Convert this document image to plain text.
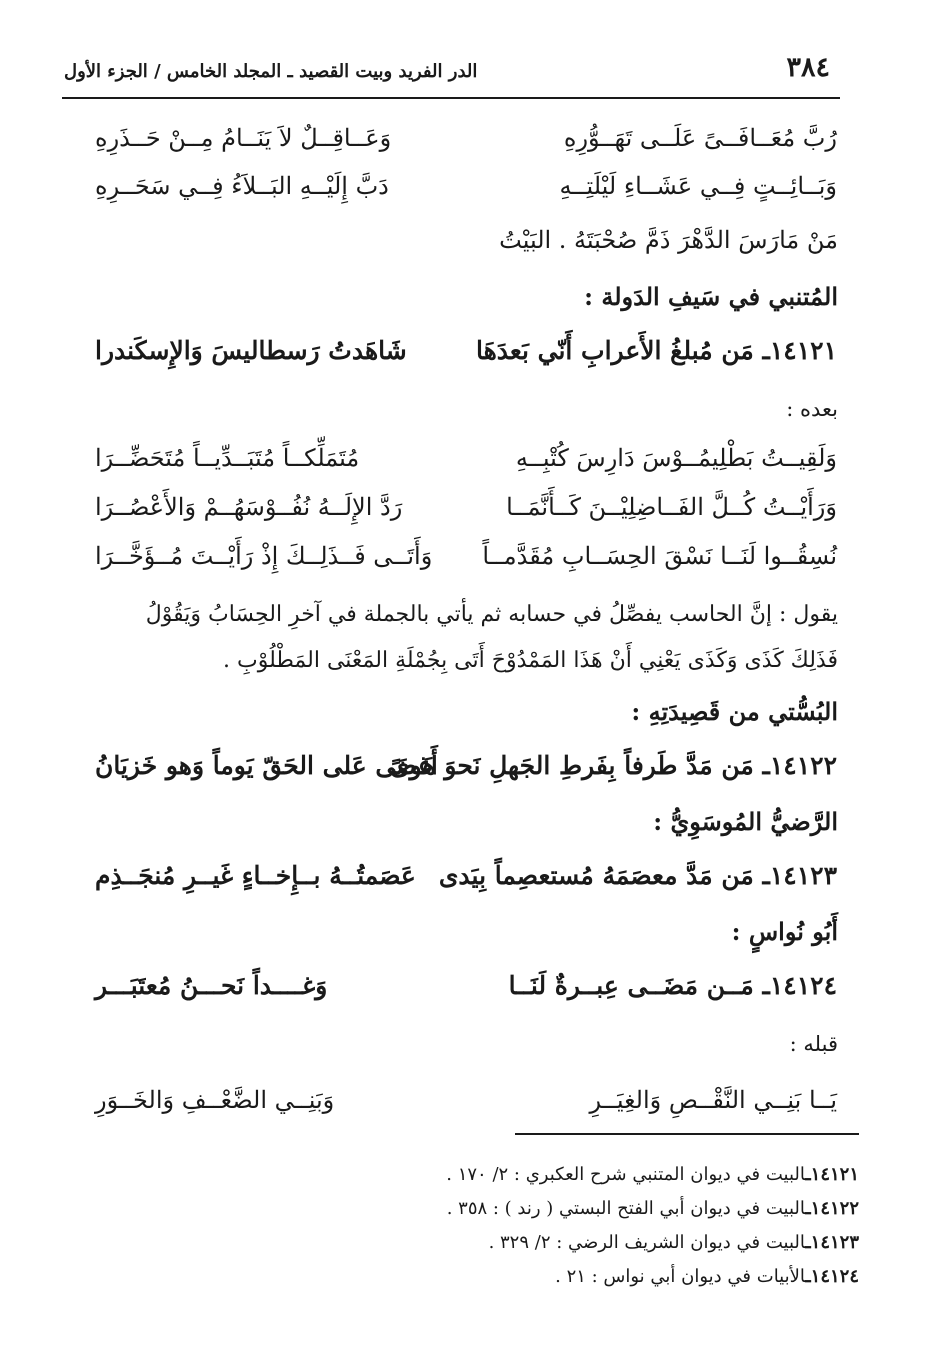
٣٨٤
الدر الفريد وبيت القصيد ـ المجلد الخامس / الجزء الأول
رُبَّ مُعَــافَــىً عَلَــى تَهَــوُّرِهِ
وَعَــاقِــلٌ لاَ يَنَــامُ مِــنْ حَــذَرِهِ
وَبَــائِــتٍ فِــي عَشَــاءِ لَيْلَتِــهِ
دَبَّ إِلَيْــهِ البَــلاَءُ فِــي سَحَــرِهِ
مَنْ مَارَسَ الدَّهْرَ ذَمَّ صُحْبَتَهُ . البَيْتُ
المُتنبي في سَيفِ الدَولة :
١٤١٢١ـ مَن مُبلغُ الأَعرابِ أَنّي بَعدَهَا
شَاهَدتُ رَسطاليسَ وَالإِسكَندرا
بعده :
وَلَقِيــتُ بَطْلِيمُــوْسَ دَارِسَ كُتْبِــهِ
مُتَمَلِّكــاً مُتَبَــدِّيــاً مُتَحَضِّــرَا
وَرَأَيْــتُ كُــلَّ الفَــاضِلِيْــنَ كَــأَنَّمَــا
رَدَّ الإِلَــهُ نُفُــوْسَهُــمْ وَالأَعْصُــرَا
نُسِقُــوا لَنَــا نَسْقَ الحِسَــابِ مُقَدَّمــاً
وَأَتَــى فَــذَلِــكَ إِذْ رَأَيْــتَ مُــؤَخَّــرَا
يقول : إنَّ الحاسب يفصِّلُ في حسابه ثم يأتي بالجملة في آخرِ الحِسَابُ وَيَقُوْلُ
فَذَلِكَ كَذَى وَكَذَى يَعْنِي أَنْ هَذَا المَمْدُوْحَ أَتَى بِجُمْلَةِ المَعْنَى المَطْلُوْبِ .
البُسُّتي من قَصِيدَتِهِ :
١٤١٢٢ـ مَن مَدَّ طَرفاً بِفَرطِ الجَهلِ نَحوَ هَوىً
أَغضَى عَلى الحَقّ يَوماً وَهو خَزيَانُ
الرَّضيُّ المُوسَوِيُّ :
١٤١٢٣ـ مَن مَدَّ معصَمَهُ مُستعصِماً بِيَدى
عَصَمتُــهُ بــإِخــاءٍ غَيــرِ مُنجَــذِم
أَبُو نُواسٍ :
١٤١٢٤ـ مَــن مَضَــى عِبــرةٌ لَنَــا
وَغــــداً نَحـــنُ مُعتَبَـــر
قبله :
يَــا بَنِــي النَّقْــصِ وَالغِيَــرِ
وَبَنِــي الضَّعْــفِ وَالخَــوَرِ
١٤١٢١ـالبيت في ديوان المتنبي شرح العكبري : ٢/ ١٧٠ .
١٤١٢٢ـالبيت في ديوان أبي الفتح البستي ( رند ) : ٣٥٨ .
١٤١٢٣ـالبيت في ديوان الشريف الرضي : ٢/ ٣٢٩ .
١٤١٢٤ـالأبيات في ديوان أبي نواس : ٢١ .
